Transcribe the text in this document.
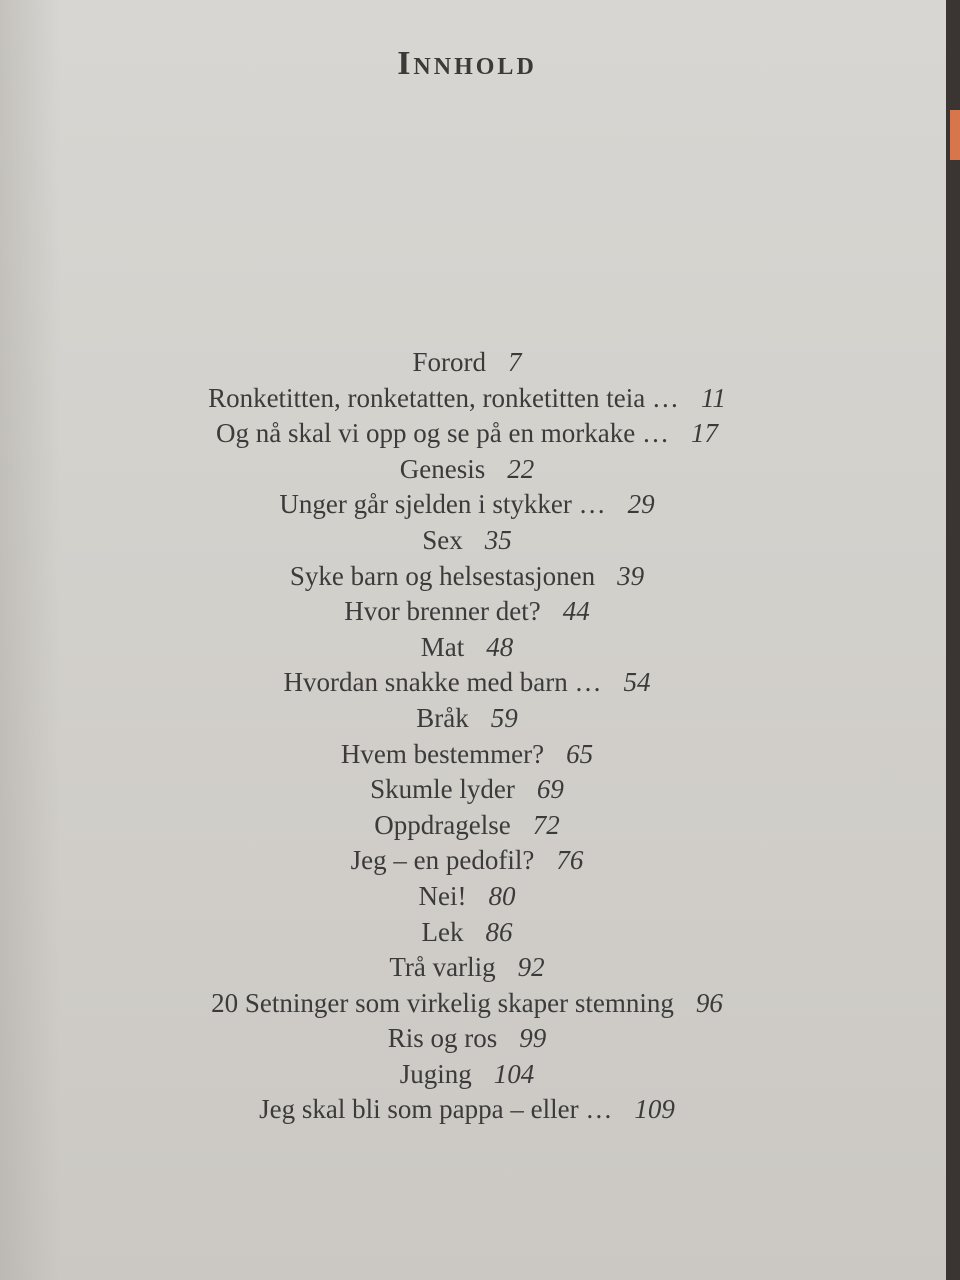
Innhold
Forord 7
Ronketitten, ronketatten, ronketitten teia … 11
Og nå skal vi opp og se på en morkake … 17
Genesis 22
Unger går sjelden i stykker … 29
Sex 35
Syke barn og helsestasjonen 39
Hvor brenner det? 44
Mat 48
Hvordan snakke med barn … 54
Bråk 59
Hvem bestemmer? 65
Skumle lyder 69
Oppdragelse 72
Jeg – en pedofil? 76
Nei! 80
Lek 86
Trå varlig 92
20 Setninger som virkelig skaper stemning 96
Ris og ros 99
Juging 104
Jeg skal bli som pappa – eller … 109
